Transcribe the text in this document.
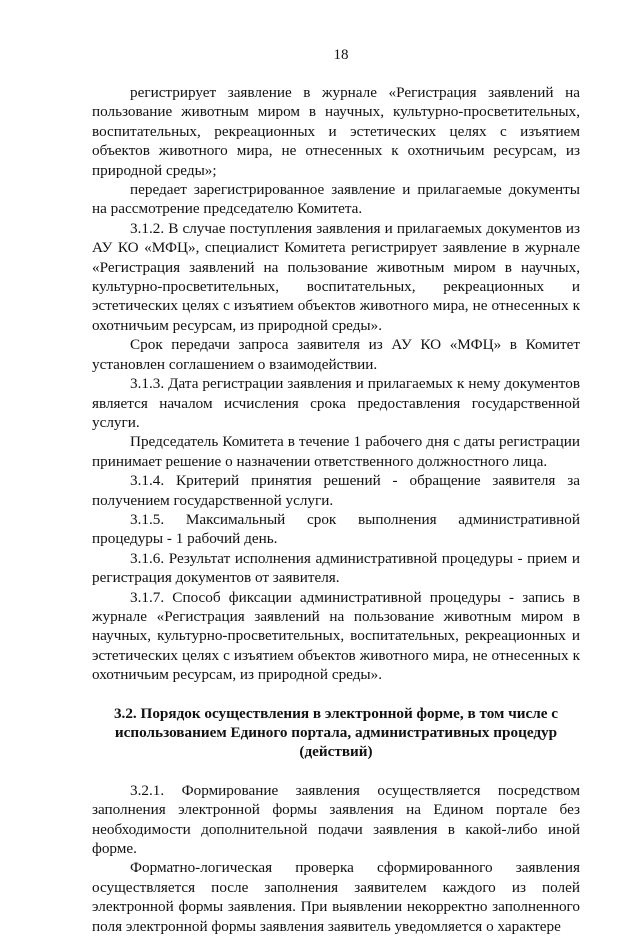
18

регистрирует заявление в журнале «Регистрация заявлений на пользование животным миром в научных, культурно-просветительных, воспитательных, рекреационных и эстетических целях с изъятием объектов животного мира, не отнесенных к охотничьим ресурсам, из природной среды»;

передает зарегистрированное заявление и прилагаемые документы на рассмотрение председателю Комитета.

3.1.2. В случае поступления заявления и прилагаемых документов из АУ КО «МФЦ», специалист Комитета регистрирует заявление в журнале «Регистрация заявлений на пользование животным миром в научных, культурно-просветительных, воспитательных, рекреационных и эстетических целях с изъятием объектов животного мира, не отнесенных к охотничьим ресурсам, из природной среды».

Срок передачи запроса заявителя из АУ КО «МФЦ» в Комитет установлен соглашением о взаимодействии.

3.1.3. Дата регистрации заявления и прилагаемых к нему документов является началом исчисления срока предоставления государственной услуги.

Председатель Комитета в течение 1 рабочего дня с даты регистрации принимает решение о назначении ответственного должностного лица.

3.1.4. Критерий принятия решений - обращение заявителя за получением государственной услуги.

3.1.5. Максимальный срок выполнения административной процедуры - 1 рабочий день.

3.1.6. Результат исполнения административной процедуры - прием и регистрация документов от заявителя.

3.1.7. Способ фиксации административной процедуры - запись в журнале «Регистрация заявлений на пользование животным миром в научных, культурно-просветительных, воспитательных, рекреационных и эстетических целях с изъятием объектов животного мира, не отнесенных к охотничьим ресурсам, из природной среды».

3.2. Порядок осуществления в электронной форме, в том числе с использованием Единого портала, административных процедур (действий)

3.2.1. Формирование заявления осуществляется посредством заполнения электронной формы заявления на Едином портале без необходимости дополнительной подачи заявления в какой-либо иной форме.

Форматно-логическая проверка сформированного заявления осуществляется после заполнения заявителем каждого из полей электронной формы заявления. При выявлении некорректно заполненного поля электронной формы заявления заявитель уведомляется о характере
